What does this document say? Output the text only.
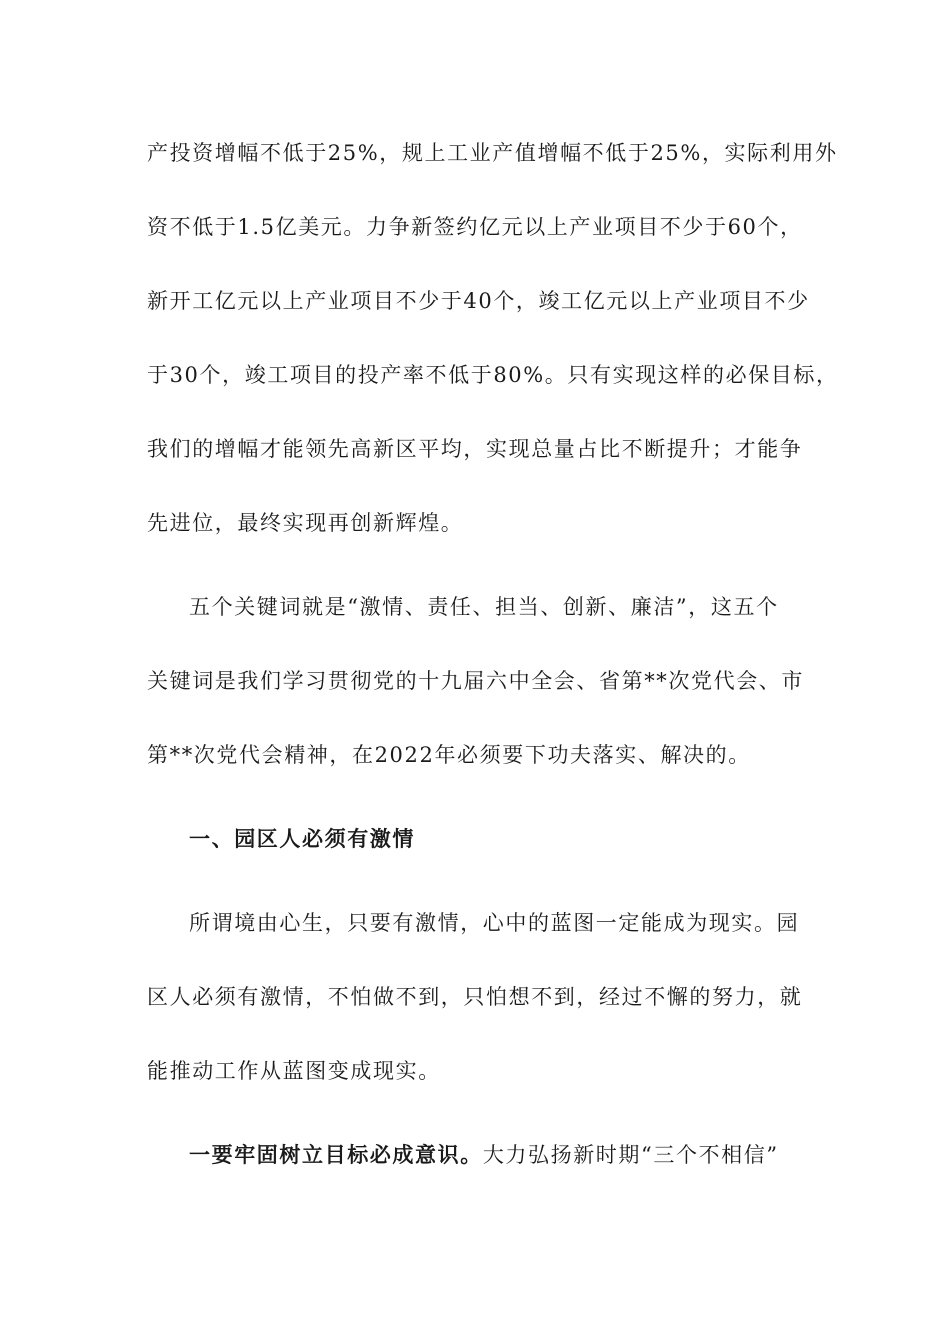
产投资增幅不低于25%，规上工业产值增幅不低于25%，实际利用外
资不低于1.5亿美元。力争新签约亿元以上产业项目不少于60个，
新开工亿元以上产业项目不少于40个，竣工亿元以上产业项目不少
于30个，竣工项目的投产率不低于80%。只有实现这样的必保目标，
我们的增幅才能领先高新区平均，实现总量占比不断提升；才能争
先进位，最终实现再创新辉煌。
五个关键词就是“激情、责任、担当、创新、廉洁”，这五个
关键词是我们学习贯彻党的十九届六中全会、省第**次党代会、市
第**次党代会精神，在2022年必须要下功夫落实、解决的。
一、园区人必须有激情
所谓境由心生，只要有激情，心中的蓝图一定能成为现实。园
区人必须有激情，不怕做不到，只怕想不到，经过不懈的努力，就
能推动工作从蓝图变成现实。
一要牢固树立目标必成意识。大力弘扬新时期“三个不相信”
